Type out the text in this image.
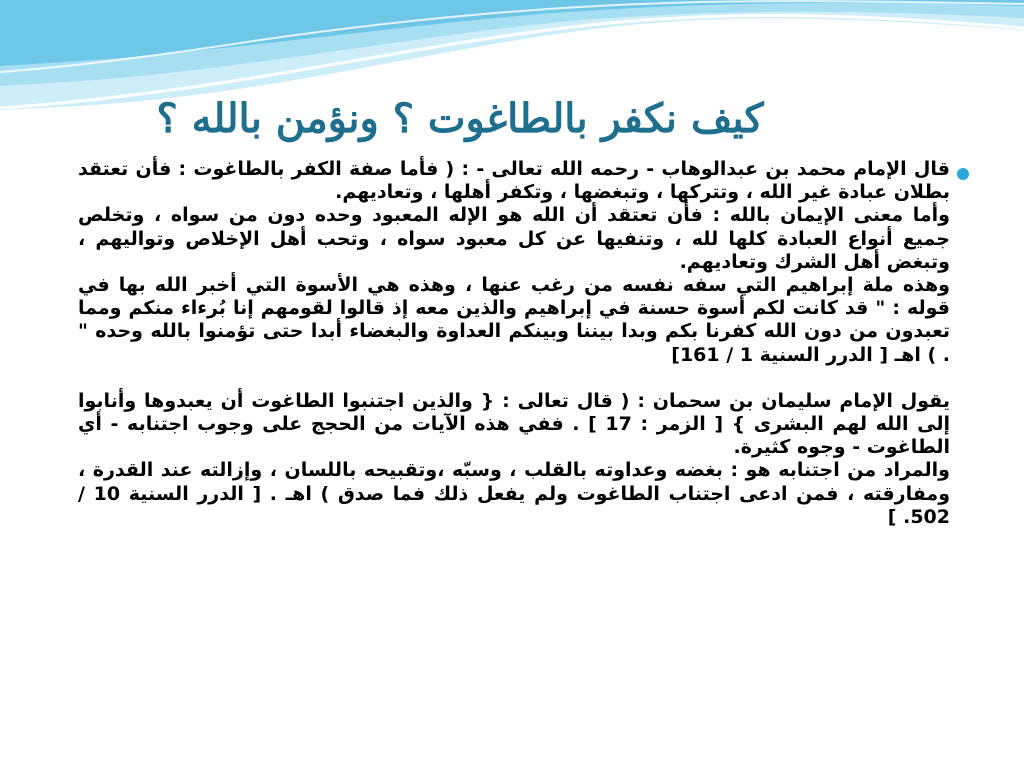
كيف نكفر بالطاغوت ؟ ونؤمن بالله ؟

قال الإمام محمد بن عبدالوهاب - رحمه الله تعالى - : ( فأما صفة الكفر بالطاغوت : فأن تعتقد بطلان عبادة غير الله ، وتتركها ، وتبغضها ، وتكفر أهلها ، وتعاديهم.

وأما معنى الإيمان بالله : فأن تعتقد أن الله هو الإله المعبود وحده دون من سواه ، وتخلص جميع أنواع العبادة كلها لله ، وتنفيها عن كل معبود سواه ، وتحب أهل الإخلاص وتواليهم ، وتبغض أهل الشرك وتعاديهم.

وهذه ملة إبراهيم التي سفه نفسه من رغب عنها ، وهذه هي الأسوة التي أخبر الله بها في قوله : " قد كانت لكم أسوة حسنة في إبراهيم والذين معه إذ قالوا لقومهم إنا بُرءاء منكم ومما تعبدون من دون الله كفرنا بكم وبدا بيننا وبينكم العداوة والبغضاء أبدا حتى تؤمنوا بالله وحده " . ) اهـ [ الدرر السنية 1 / 161]

يقول الإمام سليمان بن سحمان : ( قال تعالى : { والذين اجتنبوا الطاغوت أن يعبدوها وأنابوا إلى الله لهم البشرى } [ الزمر : 17 ] . ففي هذه الآيات من الحجج على وجوب اجتنابه - أي الطاغوت - وجوه كثيرة.

والمراد من اجتنابه هو : بغضه وعداوته بالقلب ، وسبّه ،وتقبيحه باللسان ، وإزالته عند القدرة ، ومفارقته ، فمن ادعى اجتناب الطاغوت ولم يفعل ذلك فما صدق ) اهـ . [ الدرر السنية 10 / 502. ]
